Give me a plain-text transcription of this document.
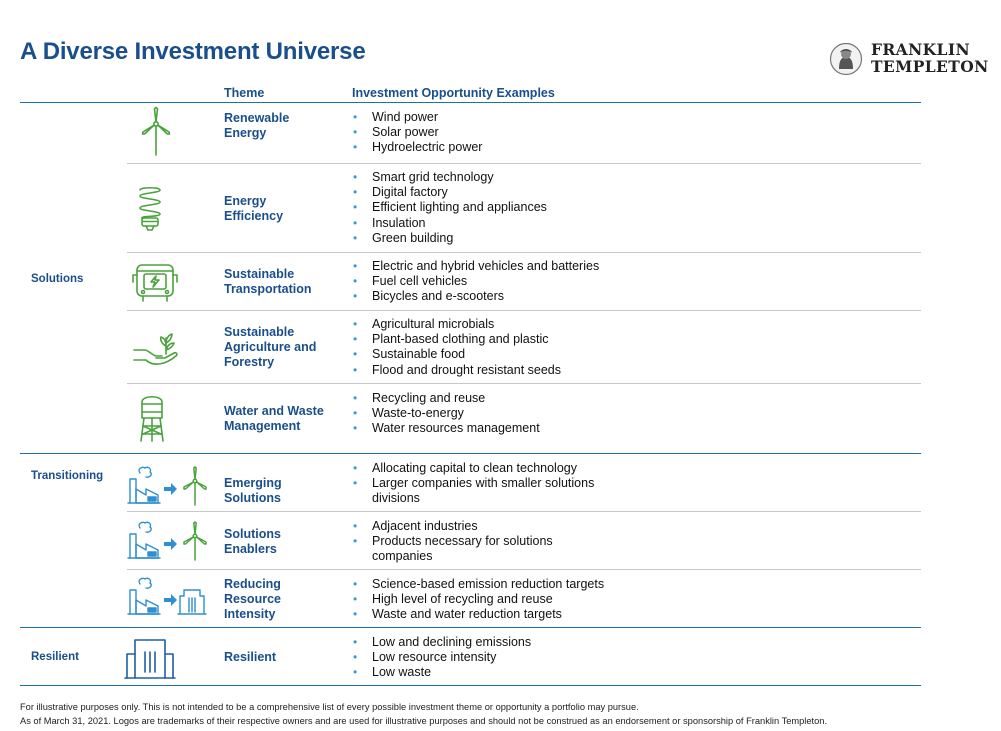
A Diverse Investment Universe	FRANKLIN
TEMPLETON
Theme	Investment Opportunity Examples
Solutions
Transitioning
Resilient
Renewable
Energy
• Wind power
• Solar power
• Hydroelectric power
Energy
Efficiency
• Smart grid technology
• Digital factory
• Efficient lighting and appliances
• Insulation
• Green building
Sustainable
Transportation
• Electric and hybrid vehicles and batteries
• Fuel cell vehicles
• Bicycles and e-scooters
Sustainable
Agriculture and
Forestry
• Agricultural microbials
• Plant-based clothing and plastic
• Sustainable food
• Flood and drought resistant seeds
Water and Waste
Management
• Recycling and reuse
• Waste-to-energy
• Water resources management
Emerging
Solutions
• Allocating capital to clean technology
• Larger companies with smaller solutions
divisions
Solutions
Enablers
• Adjacent industries
• Products necessary for solutions
companies
Reducing
Resource
Intensity
• Science-based emission reduction targets
• High level of recycling and reuse
• Waste and water reduction targets
Resilient
• Low and declining emissions
• Low resource intensity
• Low waste
For illustrative purposes only. This is not intended to be a comprehensive list of every possible investment theme or opportunity a portfolio may pursue.
As of March 31, 2021. Logos are trademarks of their respective owners and are used for illustrative purposes and should not be construed as an endorsement or sponsorship of Franklin Templeton.
